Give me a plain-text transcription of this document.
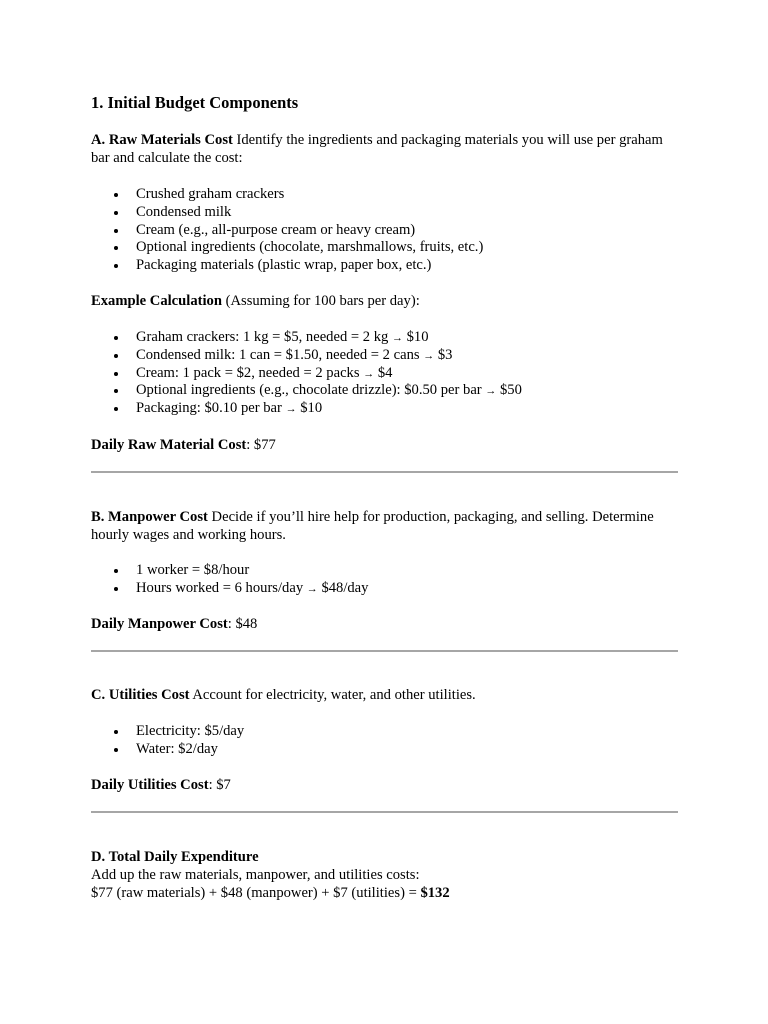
1. Initial Budget Components

A. Raw Materials Cost Identify the ingredients and packaging materials you will use per graham bar and calculate the cost:

Crushed graham crackers
Condensed milk
Cream (e.g., all-purpose cream or heavy cream)
Optional ingredients (chocolate, marshmallows, fruits, etc.)
Packaging materials (plastic wrap, paper box, etc.)

Example Calculation (Assuming for 100 bars per day):

Graham crackers: 1 kg = $5, needed = 2 kg → $10
Condensed milk: 1 can = $1.50, needed = 2 cans → $3
Cream: 1 pack = $2, needed = 2 packs → $4
Optional ingredients (e.g., chocolate drizzle): $0.50 per bar → $50
Packaging: $0.10 per bar → $10

Daily Raw Material Cost: $77

B. Manpower Cost Decide if you’ll hire help for production, packaging, and selling. Determine hourly wages and working hours.

1 worker = $8/hour
Hours worked = 6 hours/day → $48/day

Daily Manpower Cost: $48

C. Utilities Cost Account for electricity, water, and other utilities.

Electricity: $5/day
Water: $2/day

Daily Utilities Cost: $7

D. Total Daily Expenditure
Add up the raw materials, manpower, and utilities costs:
$77 (raw materials) + $48 (manpower) + $7 (utilities) = $132
